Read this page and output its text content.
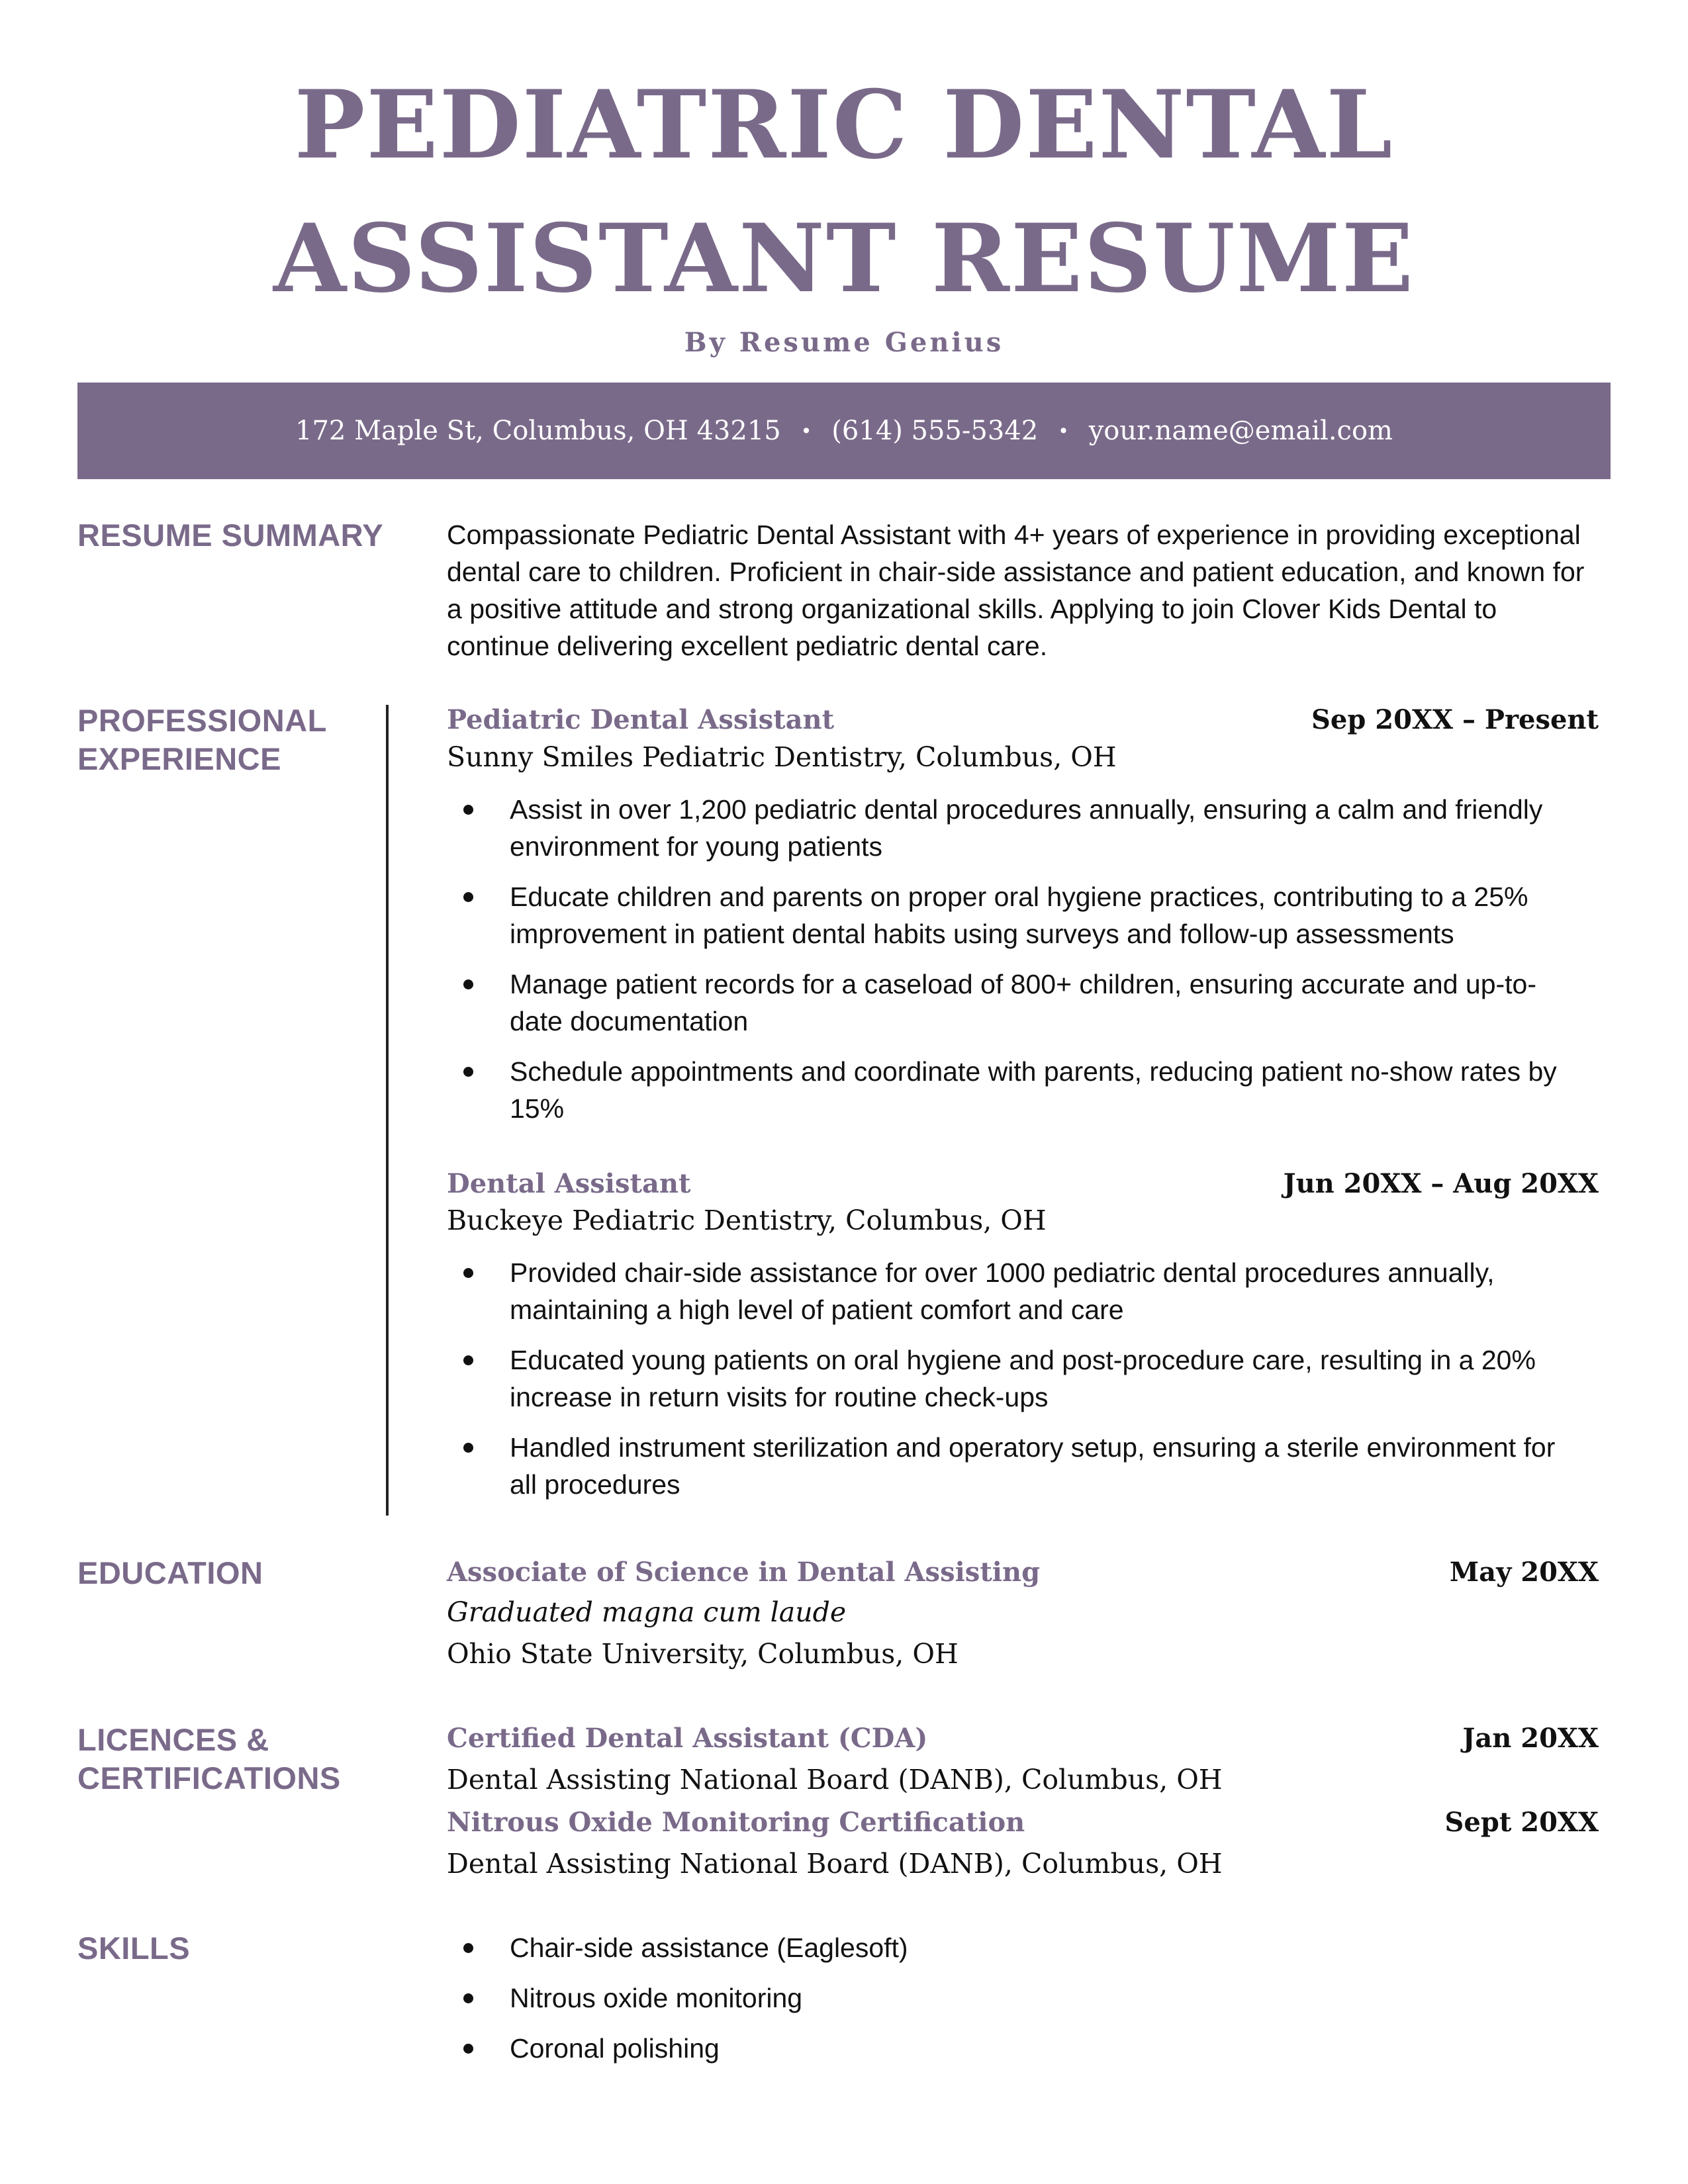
PEDIATRIC DENTAL
ASSISTANT RESUME
By Resume Genius
172 Maple St, Columbus, OH 43215 • (614) 555-5342 • your.name@email.com
RESUME SUMMARY	Compassionate Pediatric Dental Assistant with 4+ years of experience in providing exceptional dental care to children. Proficient in chair-side assistance and patient education, and known for a positive attitude and strong organizational skills. Applying to join Clover Kids Dental to continue delivering excellent pediatric dental care.

PROFESSIONAL
EXPERIENCE
Pediatric Dental Assistant	Sep 20XX – Present
Sunny Smiles Pediatric Dentistry, Columbus, OH
Assist in over 1,200 pediatric dental procedures annually, ensuring a calm and friendly environment for young patients
Educate children and parents on proper oral hygiene practices, contributing to a 25% improvement in patient dental habits using surveys and follow-up assessments
Manage patient records for a caseload of 800+ children, ensuring accurate and up-to-date documentation
Schedule appointments and coordinate with parents, reducing patient no-show rates by 15%
Dental Assistant	Jun 20XX – Aug 20XX
Buckeye Pediatric Dentistry, Columbus, OH
Provided chair-side assistance for over 1000 pediatric dental procedures annually, maintaining a high level of patient comfort and care
Educated young patients on oral hygiene and post-procedure care, resulting in a 20% increase in return visits for routine check-ups
Handled instrument sterilization and operatory setup, ensuring a sterile environment for all procedures
EDUCATION	Associate of Science in Dental Assisting	May 20XX
Graduated magna cum laude
Ohio State University, Columbus, OH
LICENCES &
CERTIFICATIONS
Certified Dental Assistant (CDA)	Jan 20XX
Dental Assisting National Board (DANB), Columbus, OH
Nitrous Oxide Monitoring Certification	Sept 20XX
Dental Assisting National Board (DANB), Columbus, OH
SKILLS	Chair-side assistance (Eaglesoft)
Nitrous oxide monitoring
Coronal polishing
